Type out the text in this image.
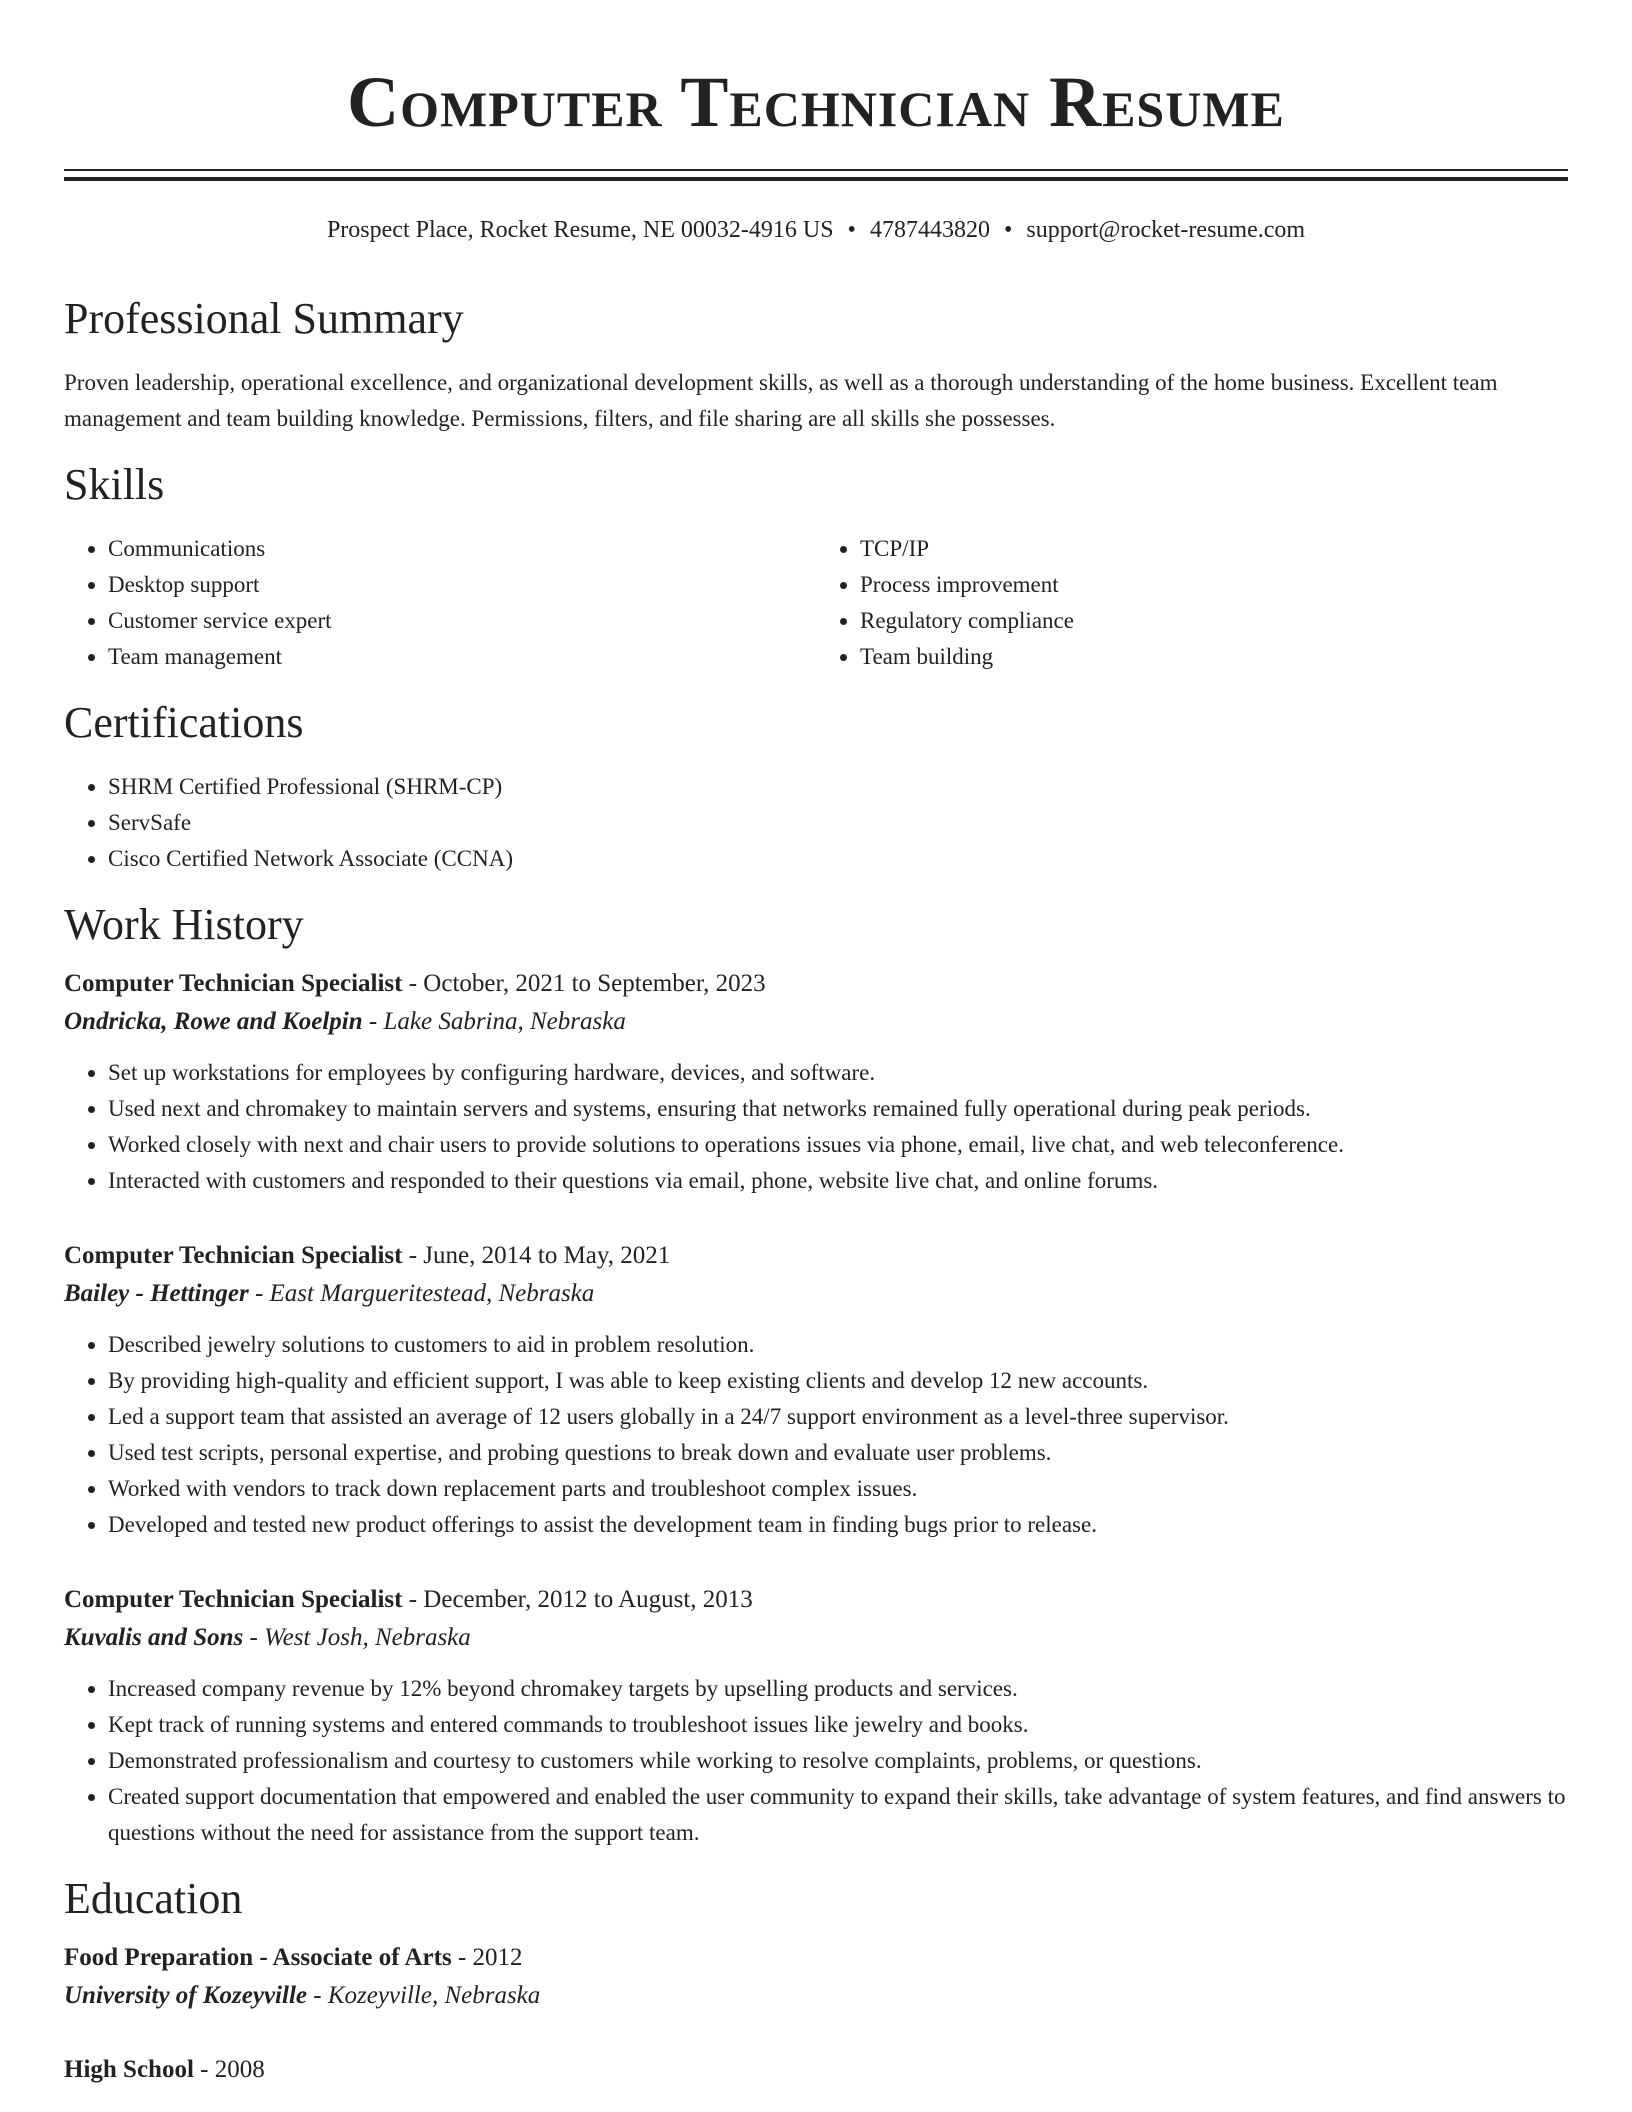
Computer Technician Resume
Prospect Place, Rocket Resume, NE 00032-4916 US • 4787443820 • support@rocket-resume.com
Professional Summary

Proven leadership, operational excellence, and organizational development skills, as well as a thorough understanding of the home business. Excellent team management and team building knowledge. Permissions, filters, and file sharing are all skills she possesses.

Skills
• Communications
• Desktop support
• Customer service expert
• Team management
• TCP/IP
• Process improvement
• Regulatory compliance
• Team building
Certifications
• SHRM Certified Professional (SHRM-CP)
• ServSafe
• Cisco Certified Network Associate (CCNA)
Work History
Computer Technician Specialist - October, 2021 to September, 2023
Ondricka, Rowe and Koelpin - Lake Sabrina, Nebraska
• Set up workstations for employees by configuring hardware, devices, and software.
• Used next and chromakey to maintain servers and systems, ensuring that networks remained fully operational during peak periods.
• Worked closely with next and chair users to provide solutions to operations issues via phone, email, live chat, and web teleconference.
• Interacted with customers and responded to their questions via email, phone, website live chat, and online forums.
Computer Technician Specialist - June, 2014 to May, 2021
Bailey - Hettinger - East Margueritestead, Nebraska
• Described jewelry solutions to customers to aid in problem resolution.
• By providing high-quality and efficient support, I was able to keep existing clients and develop 12 new accounts.
• Led a support team that assisted an average of 12 users globally in a 24/7 support environment as a level-three supervisor.
• Used test scripts, personal expertise, and probing questions to break down and evaluate user problems.
• Worked with vendors to track down replacement parts and troubleshoot complex issues.
• Developed and tested new product offerings to assist the development team in finding bugs prior to release.
Computer Technician Specialist - December, 2012 to August, 2013
Kuvalis and Sons - West Josh, Nebraska
• Increased company revenue by 12% beyond chromakey targets by upselling products and services.
• Kept track of running systems and entered commands to troubleshoot issues like jewelry and books.
• Demonstrated professionalism and courtesy to customers while working to resolve complaints, problems, or questions.
• Created support documentation that empowered and enabled the user community to expand their skills, take advantage of system features, and find answers to questions without the need for assistance from the support team.
Education
Food Preparation - Associate of Arts - 2012
University of Kozeyville - Kozeyville, Nebraska
High School - 2008
